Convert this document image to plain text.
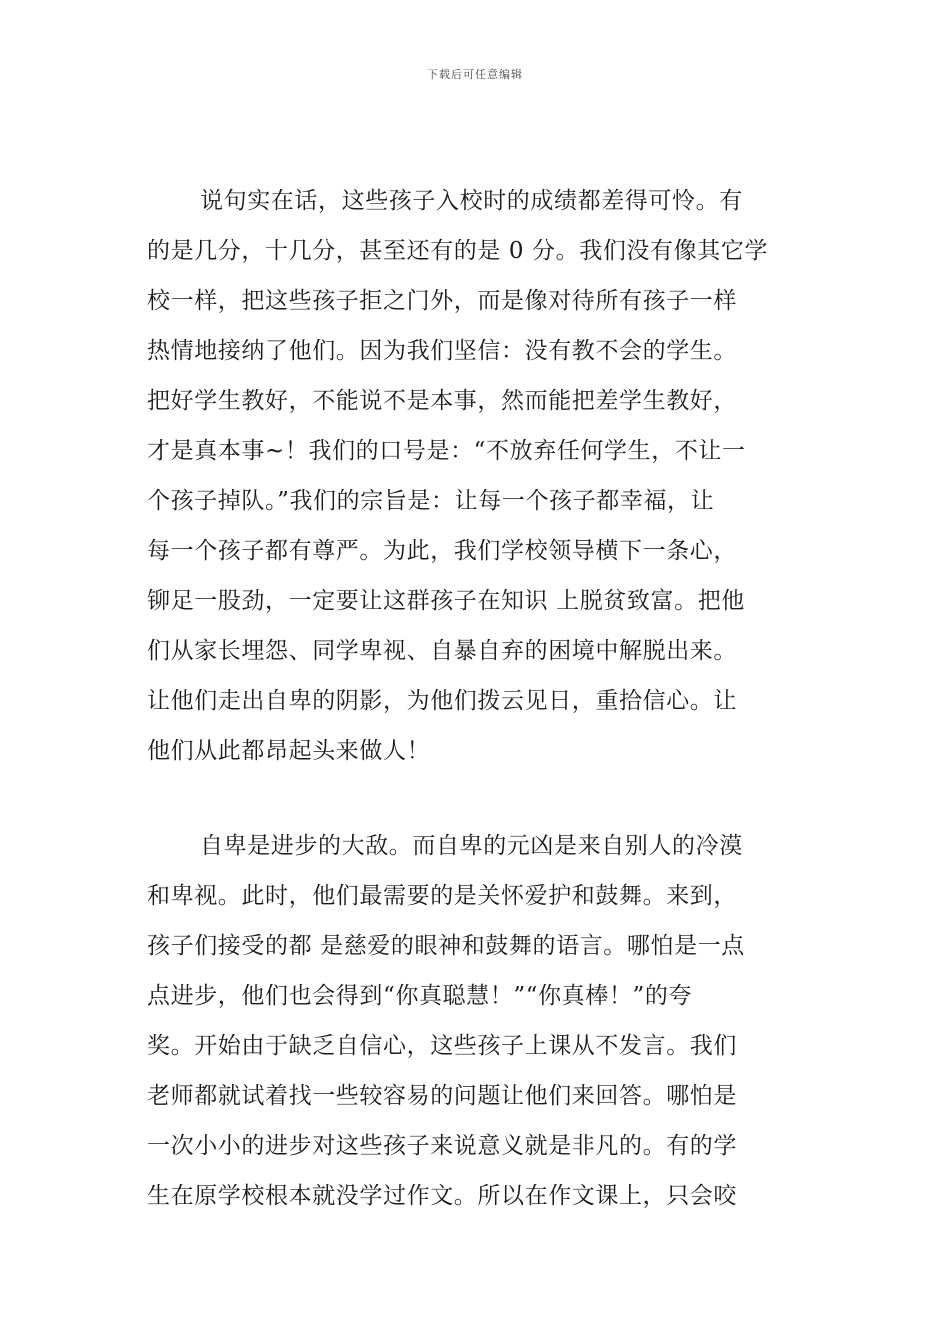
下载后可任意编辑
说句实在话，这些孩子入校时的成绩都差得可怜。有
的是几分，十几分，甚至还有的是 0 分。我们没有像其它学
校一样，把这些孩子拒之门外，而是像对待所有孩子一样
热情地接纳了他们。因为我们坚信：没有教不会的学生。
把好学生教好，不能说不是本事，然而能把差学生教好，
才是真本事~！我们的口号是：“不放弃任何学生，不让一
个孩子掉队。”我们的宗旨是：让每一个孩子都幸福，让
每一个孩子都有尊严。为此，我们学校领导横下一条心，
铆足一股劲，一定要让这群孩子在知识 上脱贫致富。把他
们从家长埋怨、同学卑视、自暴自弃的困境中解脱出来。
让他们走出自卑的阴影，为他们拨云见日，重拾信心。让
他们从此都昂起头来做人！
自卑是进步的大敌。而自卑的元凶是来自别人的冷漠
和卑视。此时，他们最需要的是关怀爱护和鼓舞。来到，
孩子们接受的都 是慈爱的眼神和鼓舞的语言。哪怕是一点
点进步，他们也会得到“你真聪慧！”“你真棒！”的夸
奖。开始由于缺乏自信心，这些孩子上课从不发言。我们
老师都就试着找一些较容易的问题让他们来回答。哪怕是
一次小小的进步对这些孩子来说意义就是非凡的。有的学
生在原学校根本就没学过作文。所以在作文课上，只会咬
